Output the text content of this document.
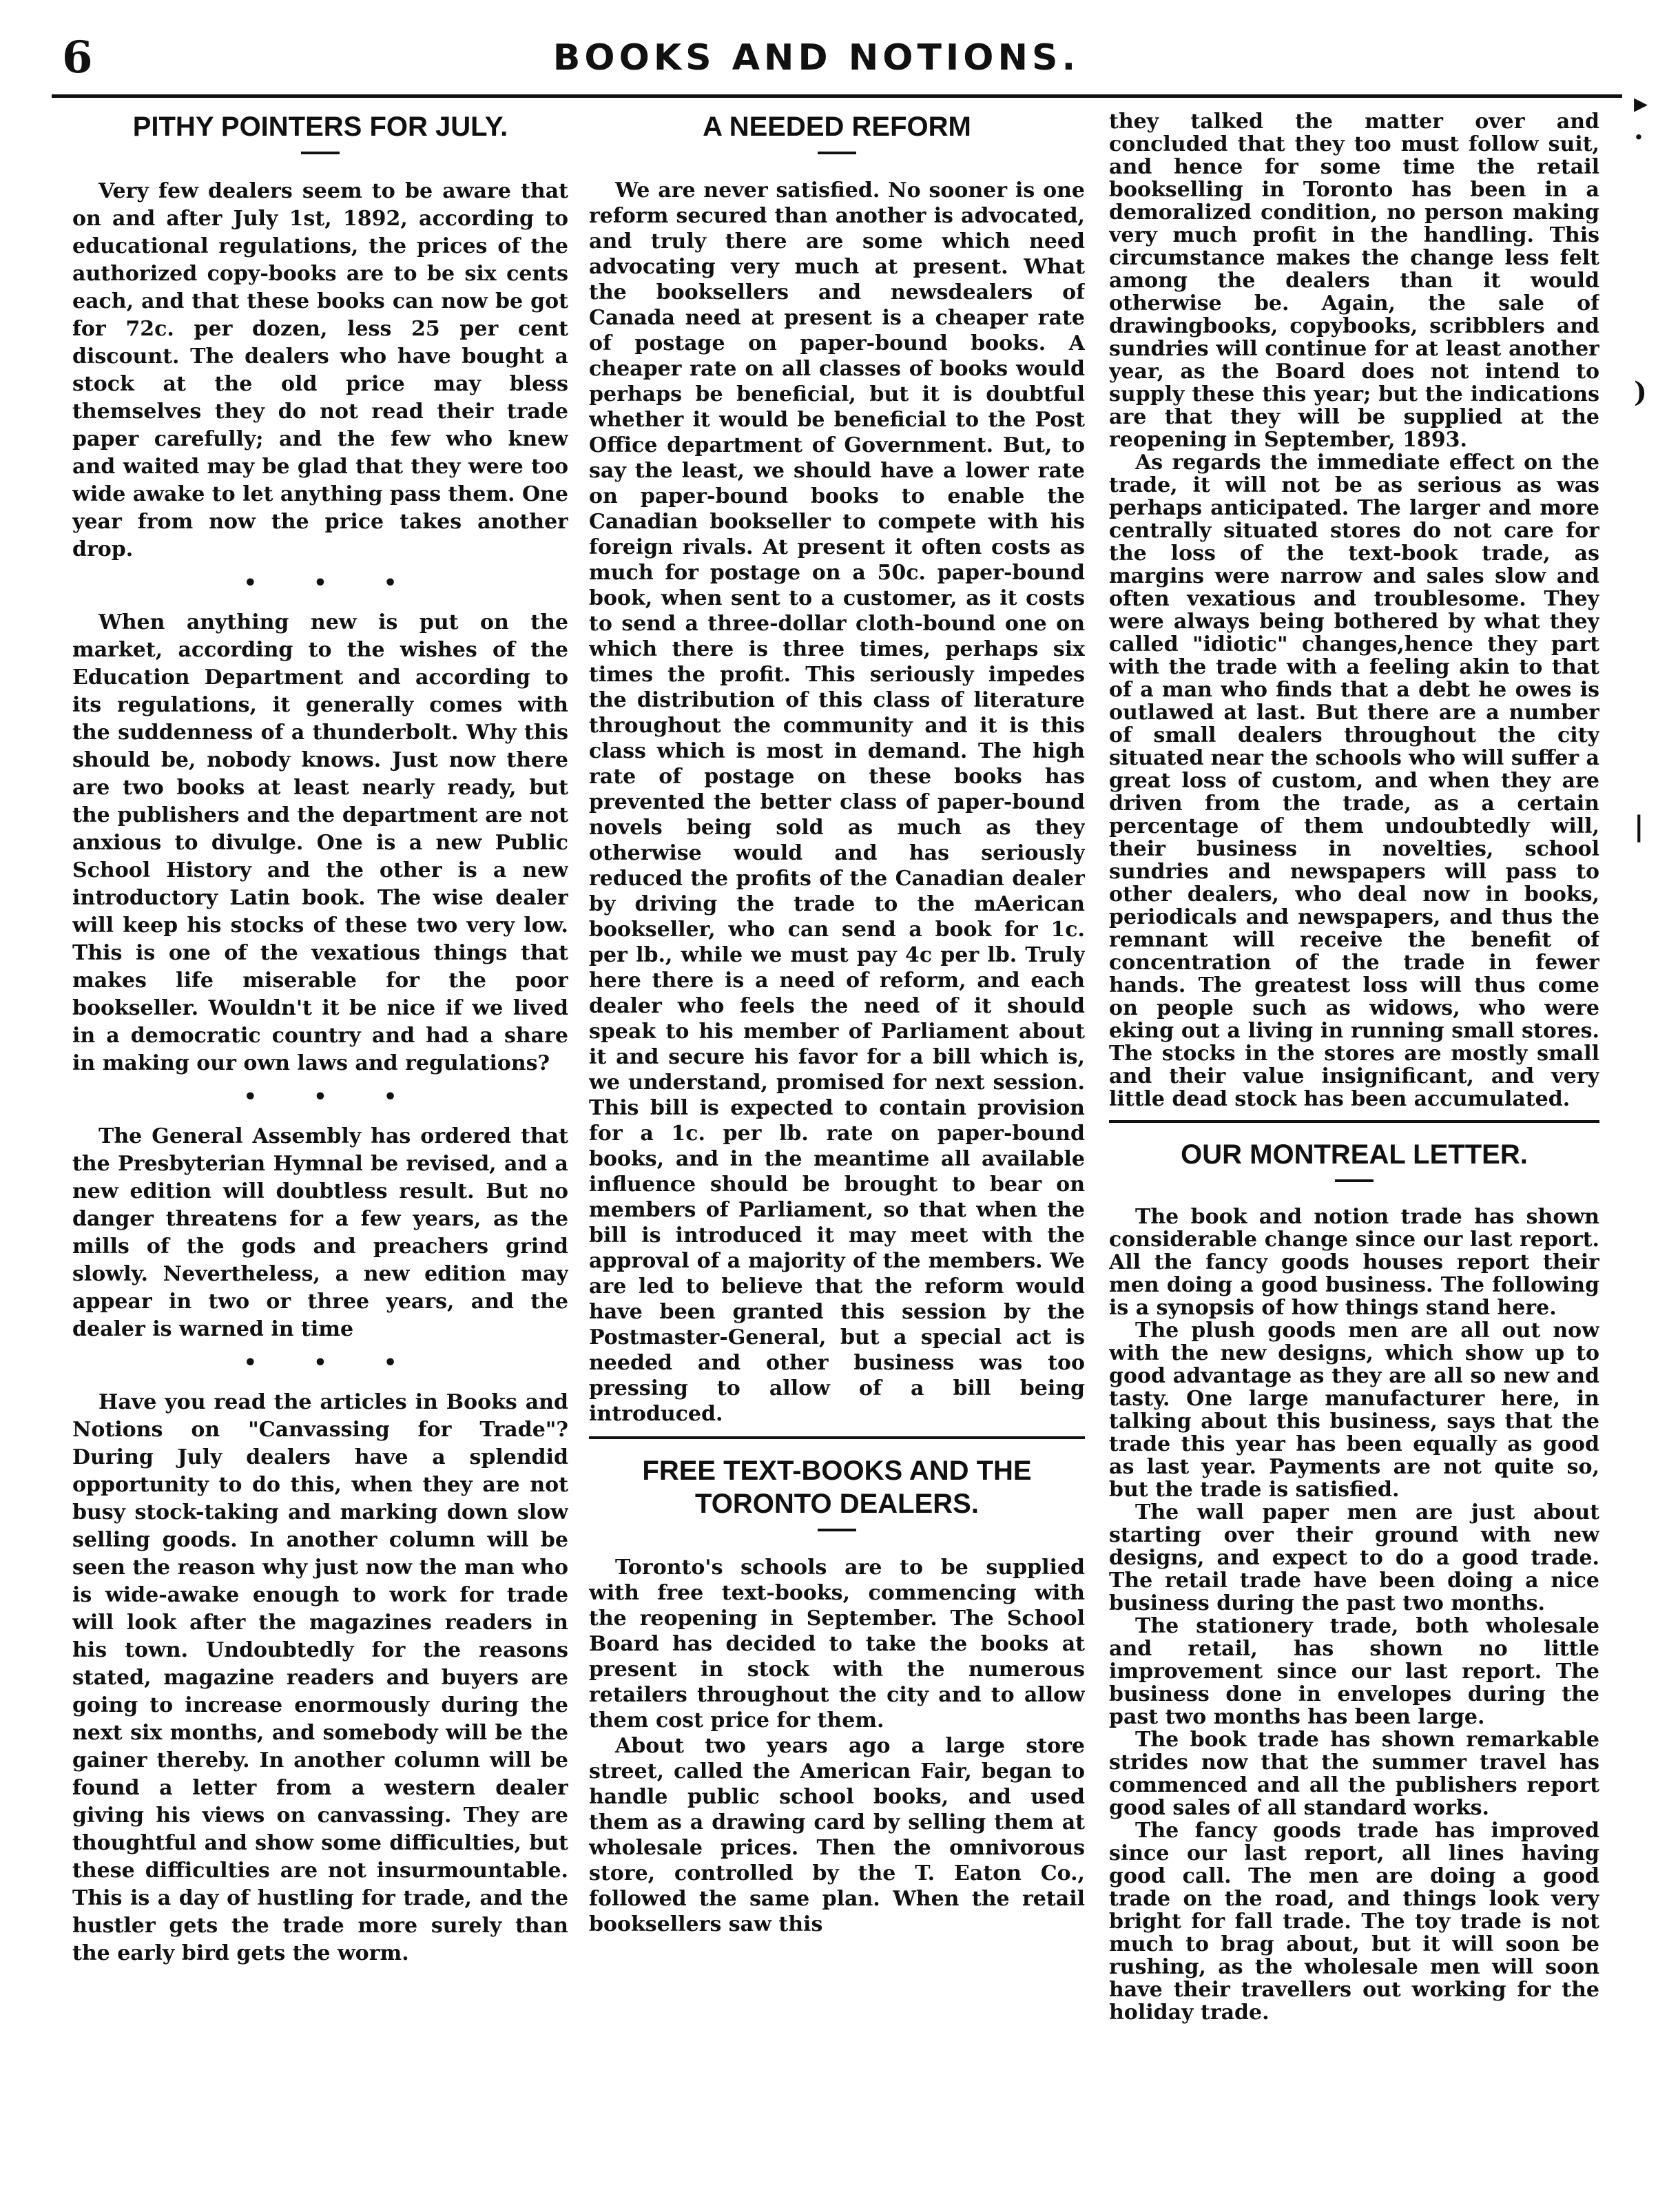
6	BOOKS AND NOTIONS.
PITHY POINTERS FOR JULY.

Very few dealers seem to be aware that on and after July 1st, 1892, according to educational regulations, the prices of the authorized copy-books are to be six cents each, and that these books can now be got for 72c. per dozen, less 25 per cent discount. The dealers who have bought a stock at the old price may bless themselves they do not read their trade paper carefully; and the few who knew and waited may be glad that they were too wide awake to let anything pass them. One year from now the price takes another drop.

• • •

When anything new is put on the market, according to the wishes of the Education Department and according to its regulations, it generally comes with the suddenness of a thunderbolt. Why this should be, nobody knows. Just now there are two books at least nearly ready, but the publishers and the department are not anxious to divulge. One is a new Public School History and the other is a new introductory Latin book. The wise dealer will keep his stocks of these two very low. This is one of the vexatious things that makes life miserable for the poor bookseller. Wouldn't it be nice if we lived in a democratic country and had a share in making our own laws and regulations?

• • •

The General Assembly has ordered that the Presbyterian Hymnal be revised, and a new edition will doubtless result. But no danger threatens for a few years, as the mills of the gods and preachers grind slowly. Nevertheless, a new edition may appear in two or three years, and the dealer is warned in time

• • •

Have you read the articles in Books and Notions on "Canvassing for Trade"? During July dealers have a splendid opportunity to do this, when they are not busy stock-taking and marking down slow selling goods. In another column will be seen the reason why just now the man who is wide-awake enough to work for trade will look after the magazines readers in his town. Undoubtedly for the reasons stated, magazine readers and buyers are going to increase enormously during the next six months, and somebody will be the gainer thereby. In another column will be found a letter from a western dealer giving his views on canvassing. They are thoughtful and show some difficulties, but these difficulties are not insurmountable. This is a day of hustling for trade, and the hustler gets the trade more surely than the early bird gets the worm.

A NEEDED REFORM

We are never satisfied. No sooner is one reform secured than another is advocated, and truly there are some which need advocating very much at present. What the booksellers and newsdealers of Canada need at present is a cheaper rate of postage on paper-bound books. A cheaper rate on all classes of books would perhaps be beneficial, but it is doubtful whether it would be beneficial to the Post Office department of Government. But, to say the least, we should have a lower rate on paper-bound books to enable the Canadian bookseller to compete with his foreign rivals. At present it often costs as much for postage on a 50c. paper-bound book, when sent to a customer, as it costs to send a three-dollar cloth-bound one on which there is three times, perhaps six times the profit. This seriously impedes the distribution of this class of literature throughout the community and it is this class which is most in demand. The high rate of postage on these books has prevented the better class of paper-bound novels being sold as much as they otherwise would and has seriously reduced the profits of the Canadian dealer by driving the trade to the mAerican bookseller, who can send a book for 1c. per lb., while we must pay 4c per lb. Truly here there is a need of reform, and each dealer who feels the need of it should speak to his member of Parliament about it and secure his favor for a bill which is, we understand, promised for next session. This bill is expected to contain provision for a 1c. per lb. rate on paper-bound books, and in the meantime all available influence should be brought to bear on members of Parliament, so that when the bill is introduced it may meet with the approval of a majority of the members. We are led to believe that the reform would have been granted this session by the Postmaster-General, but a special act is needed and other business was too pressing to allow of a bill being introduced.

FREE TEXT-BOOKS AND THE TORONTO DEALERS.

Toronto's schools are to be supplied with free text-books, commencing with the reopening in September. The School Board has decided to take the books at present in stock with the numerous retailers throughout the city and to allow them cost price for them.

About two years ago a large store street, called the American Fair, began to handle public school books, and used them as a drawing card by selling them at wholesale prices. Then the omnivorous store, controlled by the T. Eaton Co., followed the same plan. When the retail booksellers saw this

they talked the matter over and concluded that they too must follow suit, and hence for some time the retail bookselling in Toronto has been in a demoralized condition, no person making very much profit in the handling. This circumstance makes the change less felt among the dealers than it would otherwise be. Again, the sale of drawingbooks, copybooks, scribblers and sundries will continue for at least another year, as the Board does not intend to supply these this year; but the indications are that they will be supplied at the reopening in September, 1893.

As regards the immediate effect on the trade, it will not be as serious as was perhaps anticipated. The larger and more centrally situated stores do not care for the loss of the text-book trade, as margins were narrow and sales slow and often vexatious and troublesome. They were always being bothered by what they called "idiotic" changes,hence they part with the trade with a feeling akin to that of a man who finds that a debt he owes is outlawed at last. But there are a number of small dealers throughout the city situated near the schools who will suffer a great loss of custom, and when they are driven from the trade, as a certain percentage of them undoubtedly will, their business in novelties, school sundries and newspapers will pass to other dealers, who deal now in books, periodicals and newspapers, and thus the remnant will receive the benefit of concentration of the trade in fewer hands. The greatest loss will thus come on people such as widows, who were eking out a living in running small stores. The stocks in the stores are mostly small and their value insignificant, and very little dead stock has been accumulated.

OUR MONTREAL LETTER.

The book and notion trade has shown considerable change since our last report. All the fancy goods houses report their men doing a good business. The following is a synopsis of how things stand here.

The plush goods men are all out now with the new designs, which show up to good advantage as they are all so new and tasty. One large manufacturer here, in talking about this business, says that the trade this year has been equally as good as last year. Payments are not quite so, but the trade is satisfied.

The wall paper men are just about starting over their ground with new designs, and expect to do a good trade. The retail trade have been doing a nice business during the past two months.

The stationery trade, both wholesale and retail, has shown no little improvement since our last report. The business done in envelopes during the past two months has been large.

The book trade has shown remarkable strides now that the summer travel has commenced and all the publishers report good sales of all standard works.

The fancy goods trade has improved since our last report, all lines having good call. The men are doing a good trade on the road, and things look very bright for fall trade. The toy trade is not much to brag about, but it will soon be rushing, as the wholesale men will soon have their travellers out working for the holiday trade.

▸
·
)
|
